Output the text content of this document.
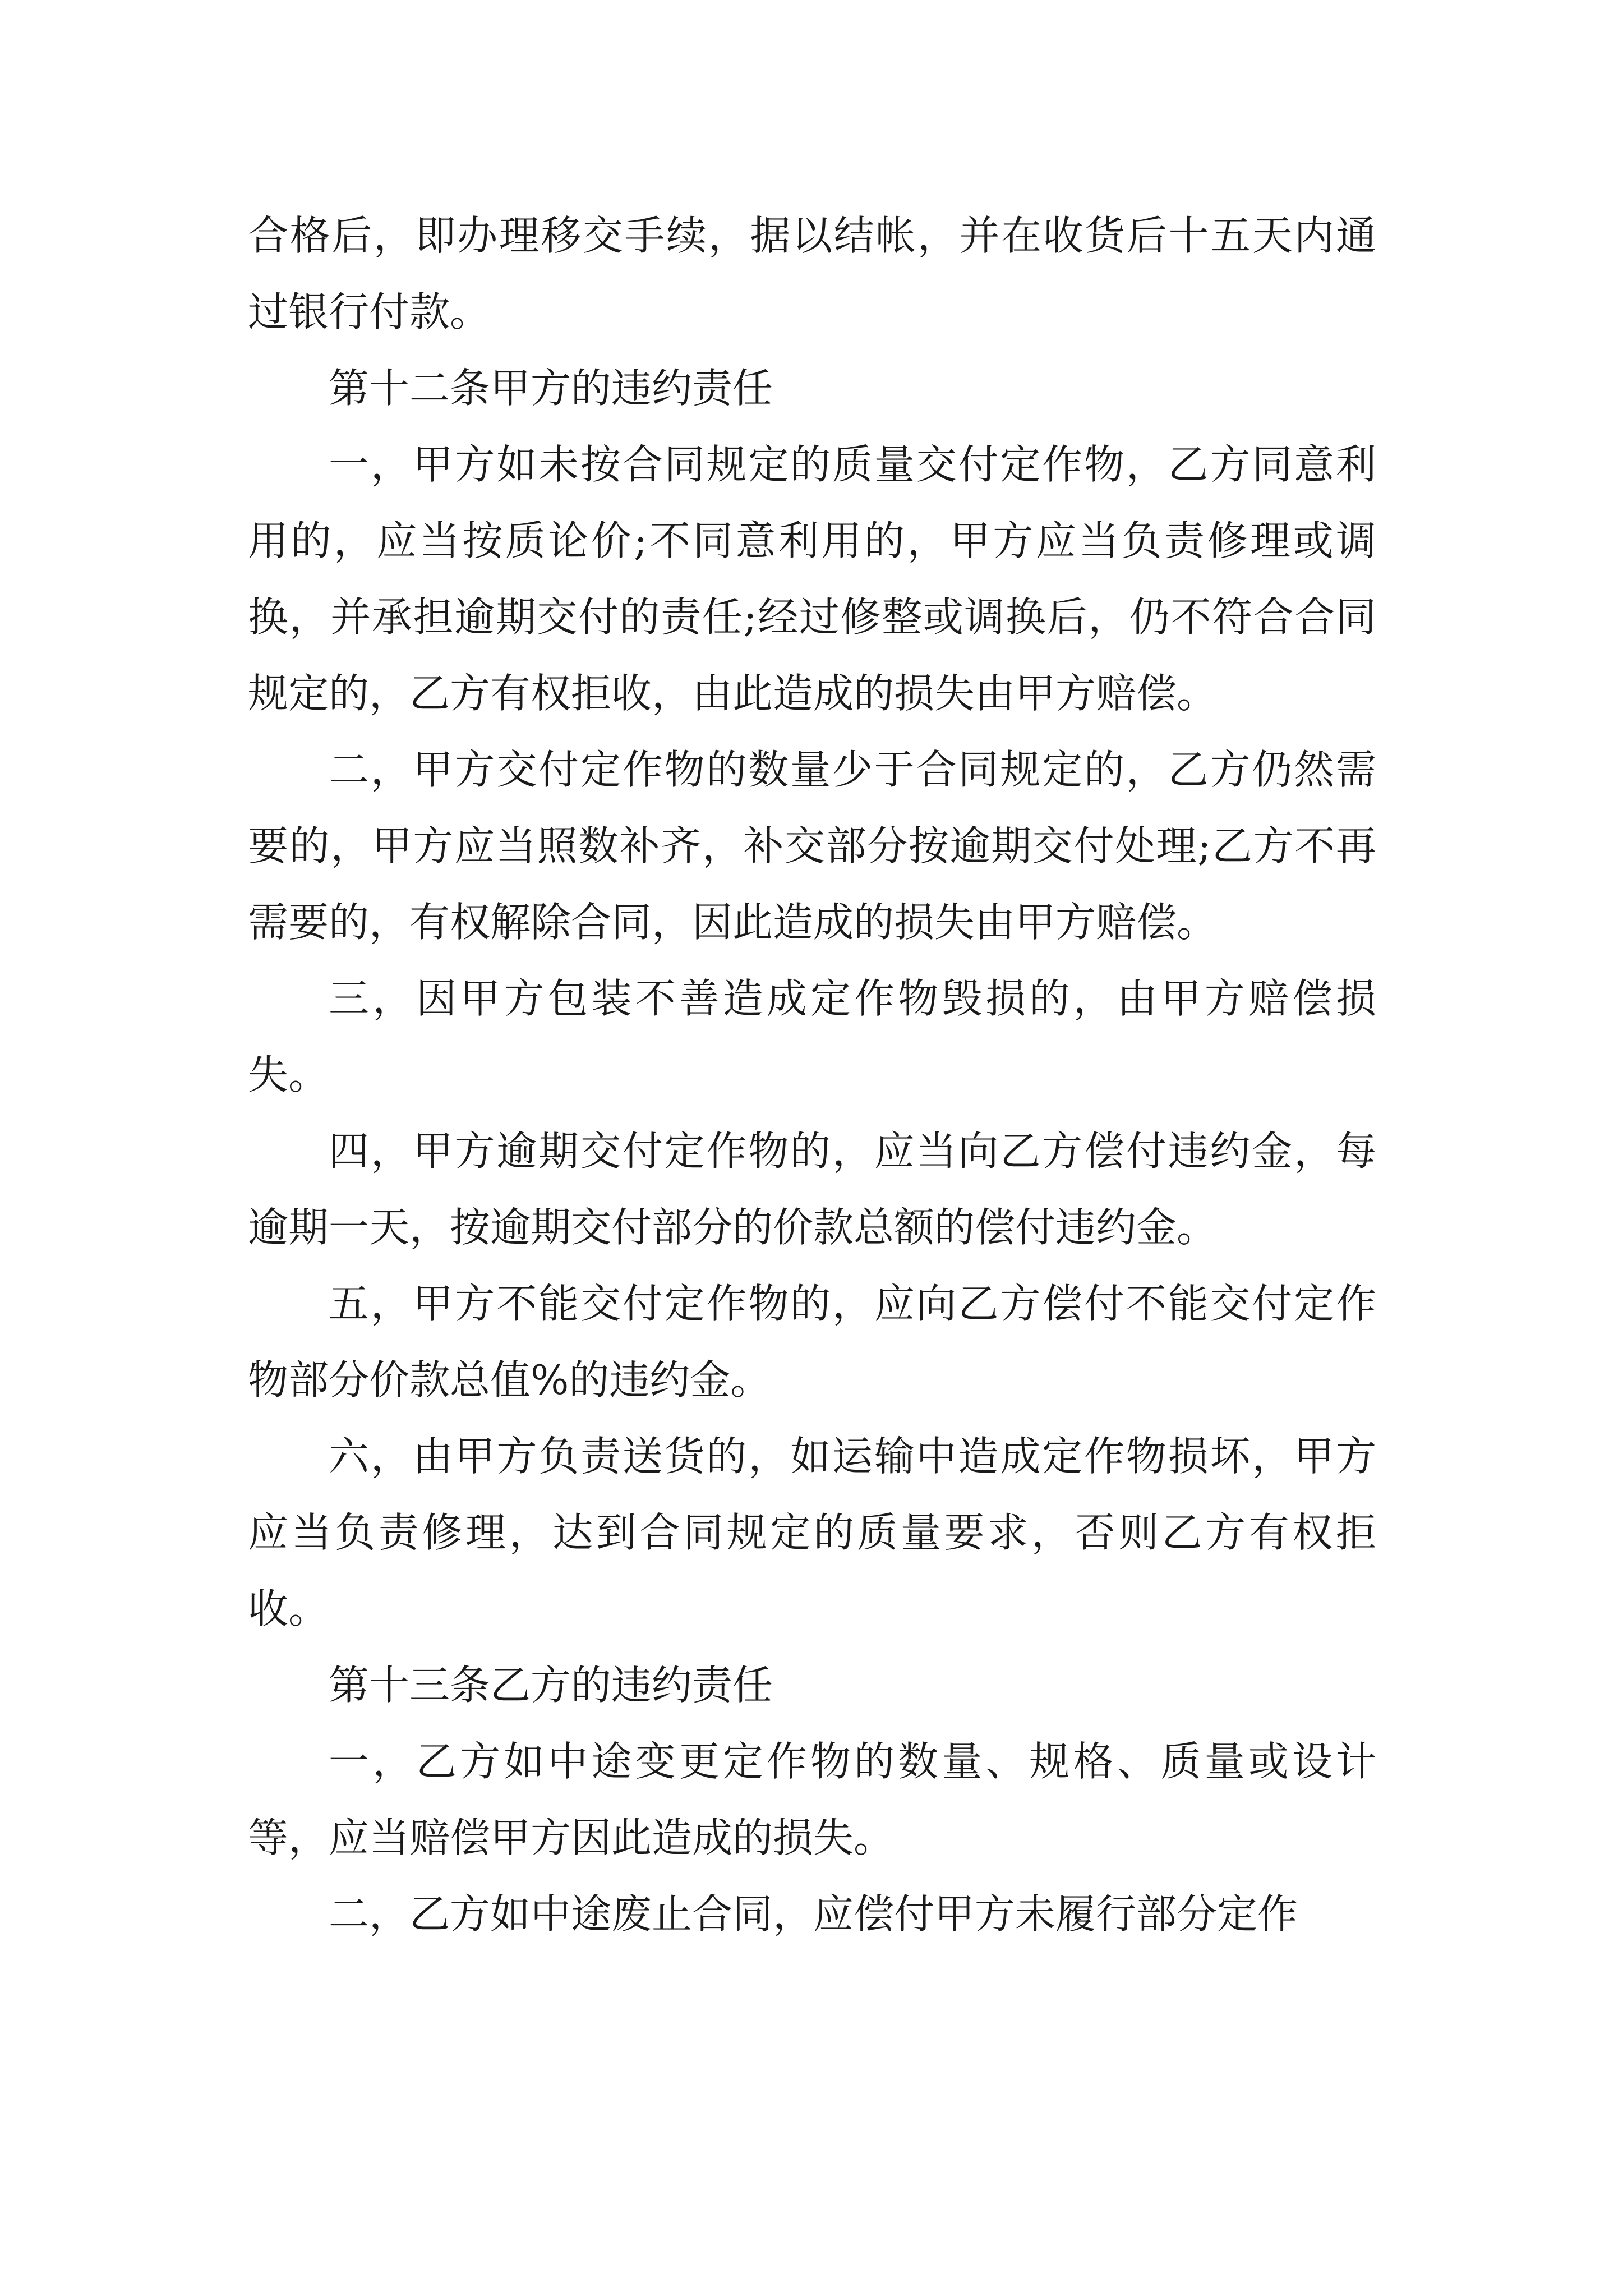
合格后，即办理移交手续，据以结帐，并在收货后十五天内通过银行付款。

第十二条甲方的违约责任

一，甲方如未按合同规定的质量交付定作物，乙方同意利用的，应当按质论价;不同意利用的，甲方应当负责修理或调换，并承担逾期交付的责任;经过修整或调换后，仍不符合合同规定的，乙方有权拒收，由此造成的损失由甲方赔偿。

二，甲方交付定作物的数量少于合同规定的，乙方仍然需要的，甲方应当照数补齐，补交部分按逾期交付处理;乙方不再需要的，有权解除合同，因此造成的损失由甲方赔偿。

三，因甲方包装不善造成定作物毁损的，由甲方赔偿损失。

四，甲方逾期交付定作物的，应当向乙方偿付违约金，每逾期一天，按逾期交付部分的价款总额的偿付违约金。

五，甲方不能交付定作物的，应向乙方偿付不能交付定作物部分价款总值%的违约金。

六，由甲方负责送货的，如运输中造成定作物损坏，甲方应当负责修理，达到合同规定的质量要求，否则乙方有权拒收。

第十三条乙方的违约责任

一，乙方如中途变更定作物的数量、规格、质量或设计等，应当赔偿甲方因此造成的损失。

二，乙方如中途废止合同，应偿付甲方未履行部分定作
